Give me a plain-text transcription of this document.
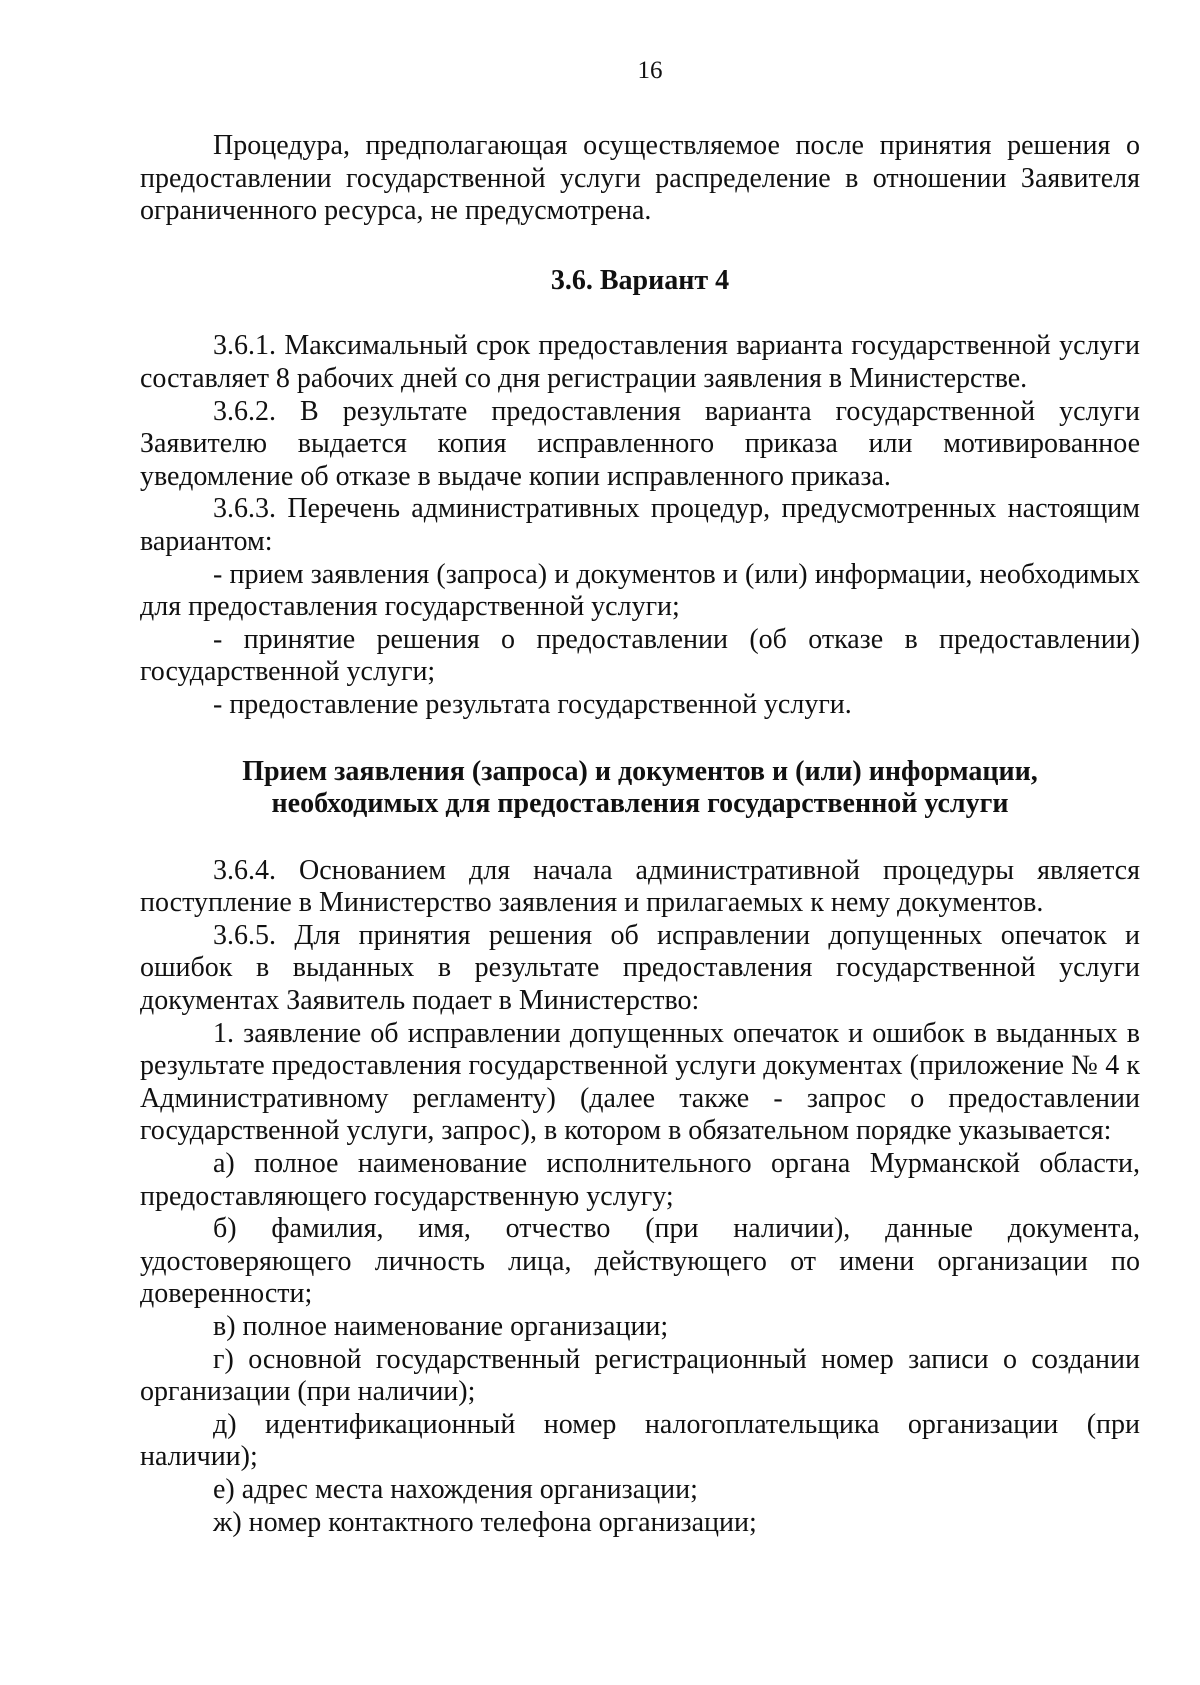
16

Процедура, предполагающая осуществляемое после принятия решения о предоставлении государственной услуги распределение в отношении Заявителя ограниченного ресурса, не предусмотрена.

3.6. Вариант 4

3.6.1. Максимальный срок предоставления варианта государственной услуги составляет 8 рабочих дней со дня регистрации заявления в Министерстве.

3.6.2. В результате предоставления варианта государственной услуги Заявителю выдается копия исправленного приказа или мотивированное уведомление об отказе в выдаче копии исправленного приказа.

3.6.3. Перечень административных процедур, предусмотренных настоящим вариантом:

- прием заявления (запроса) и документов и (или) информации, необходимых для предоставления государственной услуги;

- принятие решения о предоставлении (об отказе в предоставлении) государственной услуги;

- предоставление результата государственной услуги.

Прием заявления (запроса) и документов и (или) информации,

необходимых для предоставления государственной услуги

3.6.4. Основанием для начала административной процедуры является поступление в Министерство заявления и прилагаемых к нему документов.

3.6.5. Для принятия решения об исправлении допущенных опечаток и ошибок в выданных в результате предоставления государственной услуги документах Заявитель подает в Министерство:

1. заявление об исправлении допущенных опечаток и ошибок в выданных в результате предоставления государственной услуги документах (приложение № 4 к Административному регламенту) (далее также - запрос о предоставлении государственной услуги, запрос), в котором в обязательном порядке указывается:

а) полное наименование исполнительного органа Мурманской области, предоставляющего государственную услугу;

б) фамилия, имя, отчество (при наличии), данные документа, удостоверяющего личность лица, действующего от имени организации по доверенности;

в) полное наименование организации;

г) основной государственный регистрационный номер записи о создании организации (при наличии);

д) идентификационный номер налогоплательщика организации (при наличии);

е) адрес места нахождения организации;

ж) номер контактного телефона организации;
